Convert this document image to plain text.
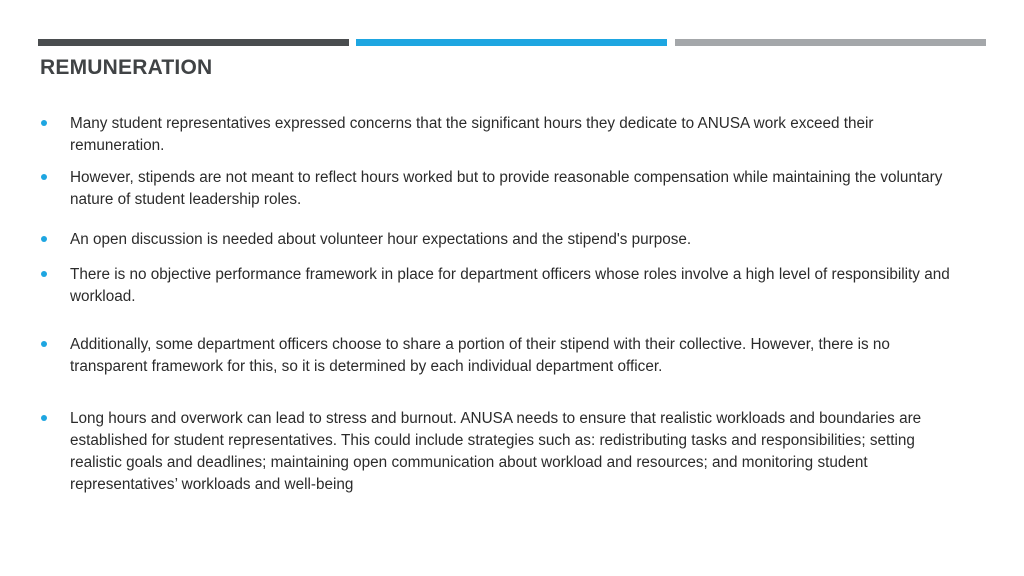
REMUNERATION
Many student representatives expressed concerns that the significant hours they dedicate to ANUSA work exceed their remuneration.
However, stipends are not meant to reflect hours worked but to provide reasonable compensation while maintaining the voluntary nature of student leadership roles.
An open discussion is needed about volunteer hour expectations and the stipend's purpose.
There is no objective performance framework in place for department officers whose roles involve a high level of responsibility and workload.
Additionally, some department officers choose to share a portion of their stipend with their collective. However, there is no transparent framework for this, so it is determined by each individual department officer.
Long hours and overwork can lead to stress and burnout. ANUSA needs to ensure that realistic workloads and boundaries are established for student representatives. This could include strategies such as: redistributing tasks and responsibilities; setting realistic goals and deadlines; maintaining open communication about workload and resources; and monitoring student representatives’ workloads and well-being
